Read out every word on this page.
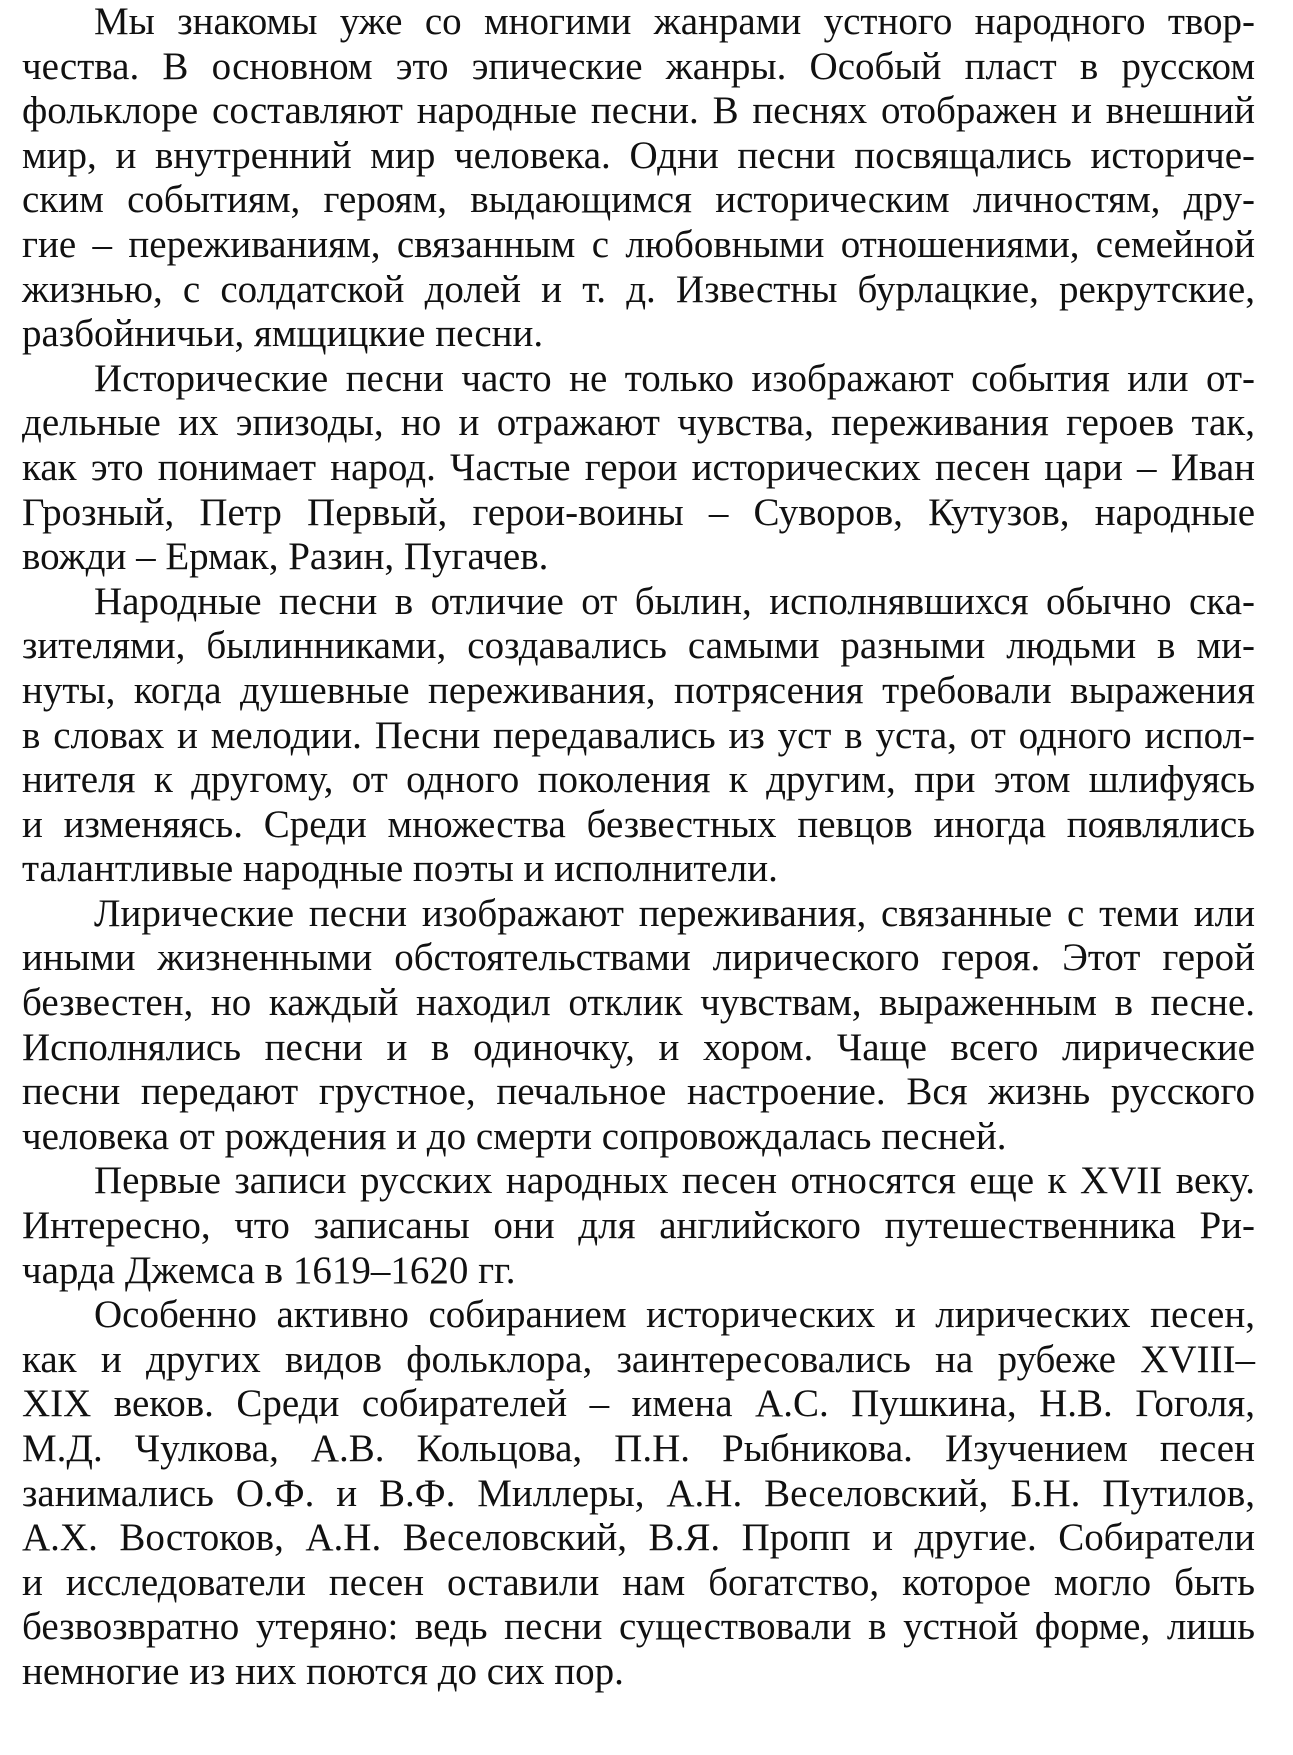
Мы знакомы уже со многими жанрами устного народного твор-
чества. В основном это эпические жанры. Особый пласт в русском
фольклоре составляют народные песни. В песнях отображен и внешний
мир, и внутренний мир человека. Одни песни посвящались историче-
ским событиям, героям, выдающимся историческим личностям, дру-
гие – переживаниям, связанным с любовными отношениями, семейной
жизнью, с солдатской долей и т. д. Известны бурлацкие, рекрутские,
разбойничьи, ямщицкие песни.

Исторические песни часто не только изображают события или от-
дельные их эпизоды, но и отражают чувства, переживания героев так,
как это понимает народ. Частые герои исторических песен цари – Иван
Грозный, Петр Первый, герои-воины – Суворов, Кутузов, народные
вожди – Ермак, Разин, Пугачев.

Народные песни в отличие от былин, исполнявшихся обычно ска-
зителями, былинниками, создавались самыми разными людьми в ми-
нуты, когда душевные переживания, потрясения требовали выражения
в словах и мелодии. Песни передавались из уст в уста, от одного испол-
нителя к другому, от одного поколения к другим, при этом шлифуясь
и изменяясь. Среди множества безвестных певцов иногда появлялись
талантливые народные поэты и исполнители.

Лирические песни изображают переживания, связанные с теми или
иными жизненными обстоятельствами лирического героя. Этот герой
безвестен, но каждый находил отклик чувствам, выраженным в песне.
Исполнялись песни и в одиночку, и хором. Чаще всего лирические
песни передают грустное, печальное настроение. Вся жизнь русского
человека от рождения и до смерти сопровождалась песней.

Первые записи русских народных песен относятся еще к XVII веку.
Интересно, что записаны они для английского путешественника Ри-
чарда Джемса в 1619–1620 гг.

Особенно активно собиранием исторических и лирических песен,
как и других видов фольклора, заинтересовались на рубеже XVIII–
XIX веков. Среди собирателей – имена А.С. Пушкина, Н.В. Гоголя,
М.Д. Чулкова, А.В. Кольцова, П.Н. Рыбникова. Изучением песен
занимались О.Ф. и В.Ф. Миллеры, А.Н. Веселовский, Б.Н. Путилов,
А.Х. Востоков, А.Н. Веселовский, В.Я. Пропп и другие. Собиратели
и исследователи песен оставили нам богатство, которое могло быть
безвозвратно утеряно: ведь песни существовали в устной форме, лишь
немногие из них поются до сих пор.
